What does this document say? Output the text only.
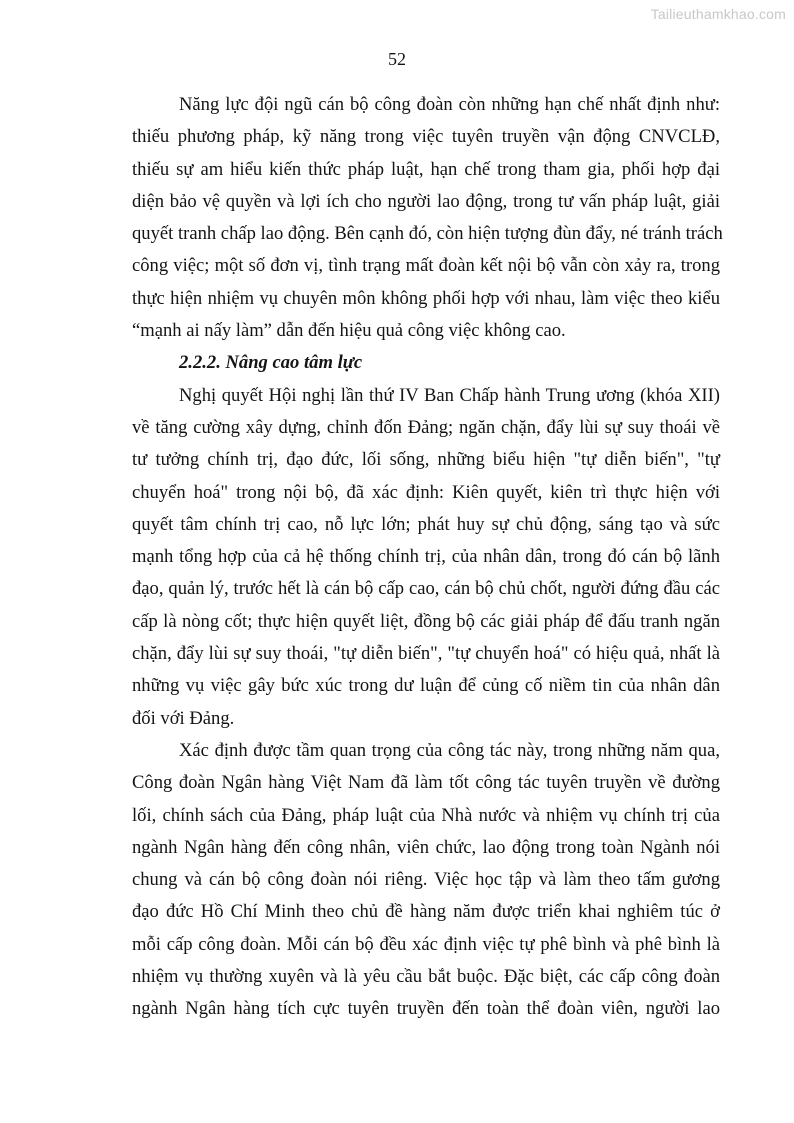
Tailieuthamkhao.com
52
Năng lực đội ngũ cán bộ công đoàn còn những hạn chế nhất định như:
thiếu phương pháp, kỹ năng trong việc tuyên truyền vận động CNVCLĐ,
thiếu sự am hiểu kiến thức pháp luật, hạn chế trong tham gia, phối hợp đại
diện bảo vệ quyền và lợi ích cho người lao động, trong tư vấn pháp luật, giải
quyết tranh chấp lao động. Bên cạnh đó, còn hiện tượng đùn đẩy, né tránh trách
công việc; một số đơn vị, tình trạng mất đoàn kết nội bộ vẫn còn xảy ra, trong
thực hiện nhiệm vụ chuyên môn không phối hợp với nhau, làm việc theo kiểu
“mạnh ai nấy làm” dẫn đến hiệu quả công việc không cao.
2.2.2. Nâng cao tâm lực
Nghị quyết Hội nghị lần thứ IV Ban Chấp hành Trung ương (khóa XII)
về tăng cường xây dựng, chỉnh đốn Đảng; ngăn chặn, đẩy lùi sự suy thoái về
tư tưởng chính trị, đạo đức, lối sống, những biểu hiện "tự diễn biến", "tự
chuyển hoá" trong nội bộ, đã xác định: Kiên quyết, kiên trì thực hiện với
quyết tâm chính trị cao, nỗ lực lớn; phát huy sự chủ động, sáng tạo và sức
mạnh tổng hợp của cả hệ thống chính trị, của nhân dân, trong đó cán bộ lãnh
đạo, quản lý, trước hết là cán bộ cấp cao, cán bộ chủ chốt, người đứng đầu các
cấp là nòng cốt; thực hiện quyết liệt, đồng bộ các giải pháp để đấu tranh ngăn
chặn, đẩy lùi sự suy thoái, "tự diễn biến", "tự chuyển hoá" có hiệu quả, nhất là
những vụ việc gây bức xúc trong dư luận để củng cố niềm tin của nhân dân
đối với Đảng.
Xác định được tầm quan trọng của công tác này, trong những năm qua,
Công đoàn Ngân hàng Việt Nam đã làm tốt công tác tuyên truyền về đường
lối, chính sách của Đảng, pháp luật của Nhà nước và nhiệm vụ chính trị của
ngành Ngân hàng đến công nhân, viên chức, lao động trong toàn Ngành nói
chung và cán bộ công đoàn nói riêng. Việc học tập và làm theo tấm gương
đạo đức Hồ Chí Minh theo chủ đề hàng năm được triển khai nghiêm túc ở
mỗi cấp công đoàn. Mỗi cán bộ đều xác định việc tự phê bình và phê bình là
nhiệm vụ thường xuyên và là yêu cầu bắt buộc. Đặc biệt, các cấp công đoàn
ngành Ngân hàng tích cực tuyên truyền đến toàn thể đoàn viên, người lao
